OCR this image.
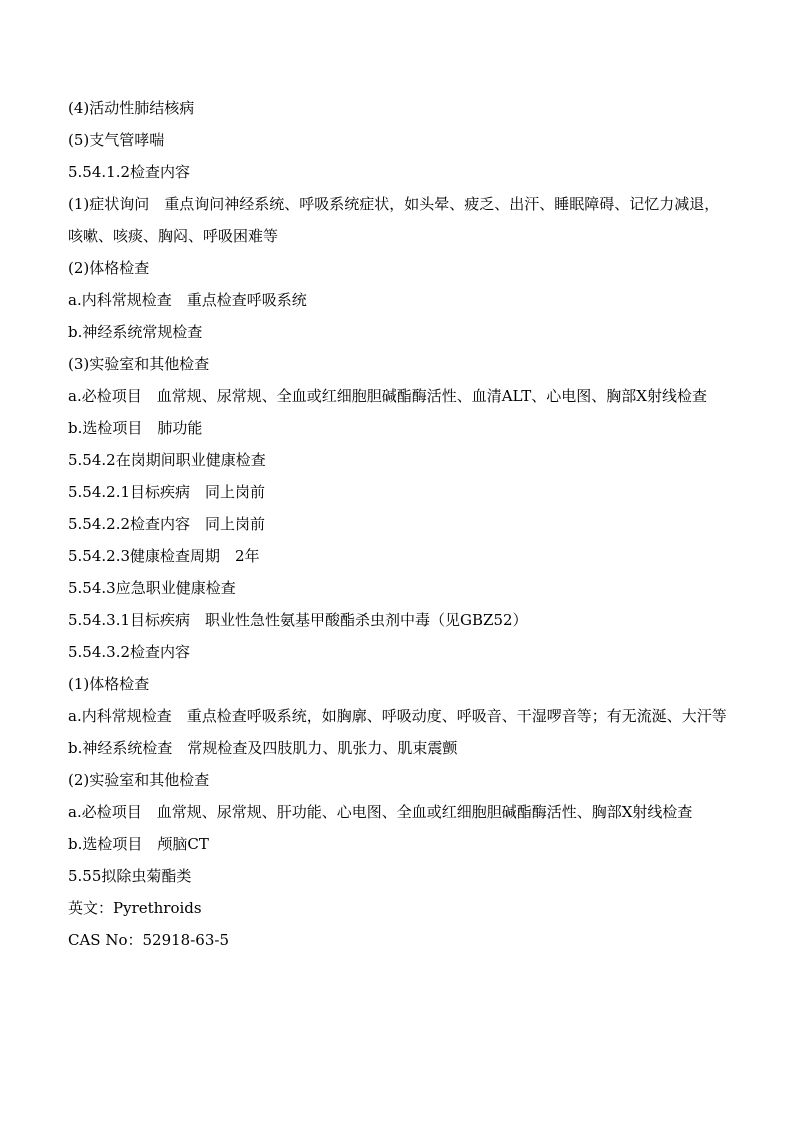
(4)活动性肺结核病

(5)支气管哮喘

5.54.1.2检查内容

(1)症状询问　重点询问神经系统、呼吸系统症状，如头晕、疲乏、出汗、睡眠障碍、记忆力减退，咳嗽、咳痰、胸闷、呼吸困难等

(2)体格检查

a.内科常规检查　重点检查呼吸系统

b.神经系统常规检查

(3)实验室和其他检查

a.必检项目　血常规、尿常规、全血或红细胞胆碱酯酶活性、血清ALT、心电图、胸部X射线检查

b.选检项目　肺功能

5.54.2在岗期间职业健康检查

5.54.2.1目标疾病　同上岗前

5.54.2.2检查内容　同上岗前

5.54.2.3健康检查周期　2年

5.54.3应急职业健康检查

5.54.3.1目标疾病　职业性急性氨基甲酸酯杀虫剂中毒（见GBZ52）

5.54.3.2检查内容

(1)体格检查

a.内科常规检查　重点检查呼吸系统，如胸廓、呼吸动度、呼吸音、干湿啰音等；有无流涎、大汗等

b.神经系统检查　常规检查及四肢肌力、肌张力、肌束震颤

(2)实验室和其他检查

a.必检项目　血常规、尿常规、肝功能、心电图、全血或红细胞胆碱酯酶活性、胸部X射线检查

b.选检项目　颅脑CT

5.55拟除虫菊酯类

英文：Pyrethroids

CAS No：52918-63-5
